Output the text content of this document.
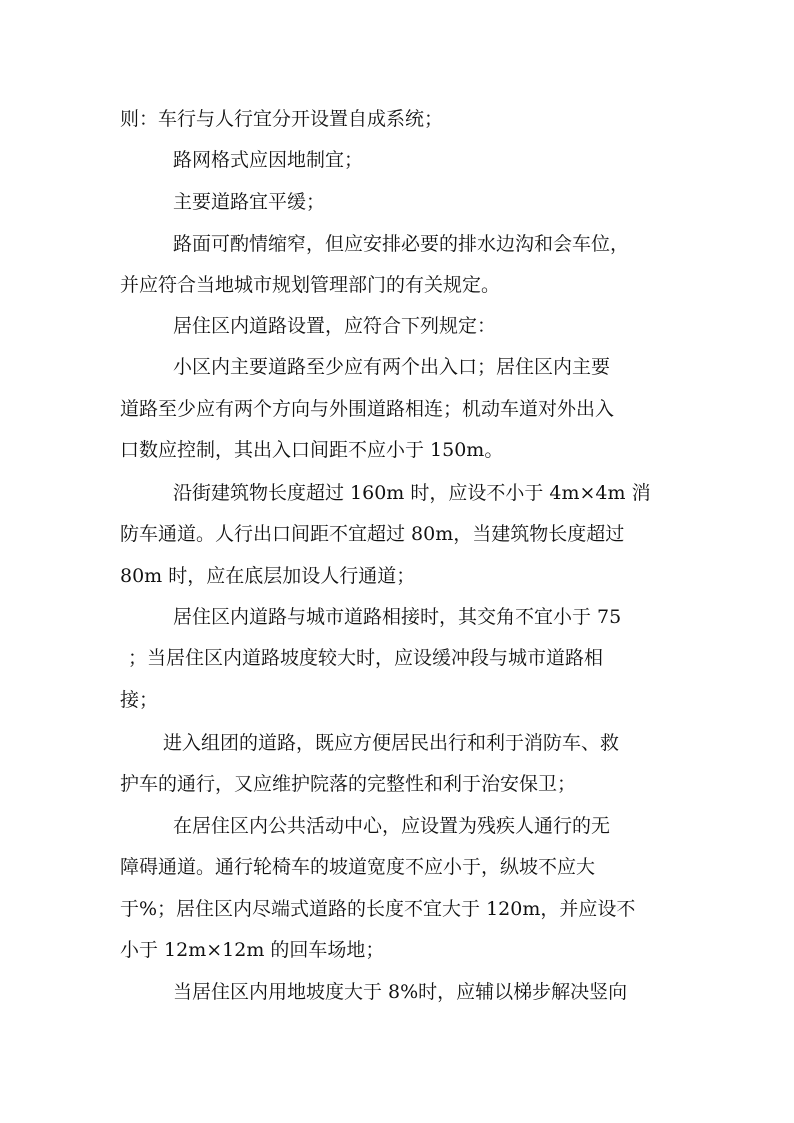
则：车行与人行宜分开设置自成系统；

路网格式应因地制宜；

主要道路宜平缓；

路面可酌情缩窄，但应安排必要的排水边沟和会车位，

并应符合当地城市规划管理部门的有关规定。

居住区内道路设置，应符合下列规定：

小区内主要道路至少应有两个出入口；居住区内主要

道路至少应有两个方向与外围道路相连；机动车道对外出入

口数应控制，其出入口间距不应小于 150m。

沿街建筑物长度超过 160m 时，应设不小于 4m×4m 消

防车通道。人行出口间距不宜超过 80m，当建筑物长度超过

80m 时，应在底层加设人行通道；

居住区内道路与城市道路相接时，其交角不宜小于 75

；当居住区内道路坡度较大时，应设缓冲段与城市道路相

接；

进入组团的道路，既应方便居民出行和利于消防车、救

护车的通行，又应维护院落的完整性和利于治安保卫；

在居住区内公共活动中心，应设置为残疾人通行的无

障碍通道。通行轮椅车的坡道宽度不应小于，纵坡不应大

于%；居住区内尽端式道路的长度不宜大于 120m，并应设不

小于 12m×12m 的回车场地；

当居住区内用地坡度大于 8%时，应辅以梯步解决竖向
